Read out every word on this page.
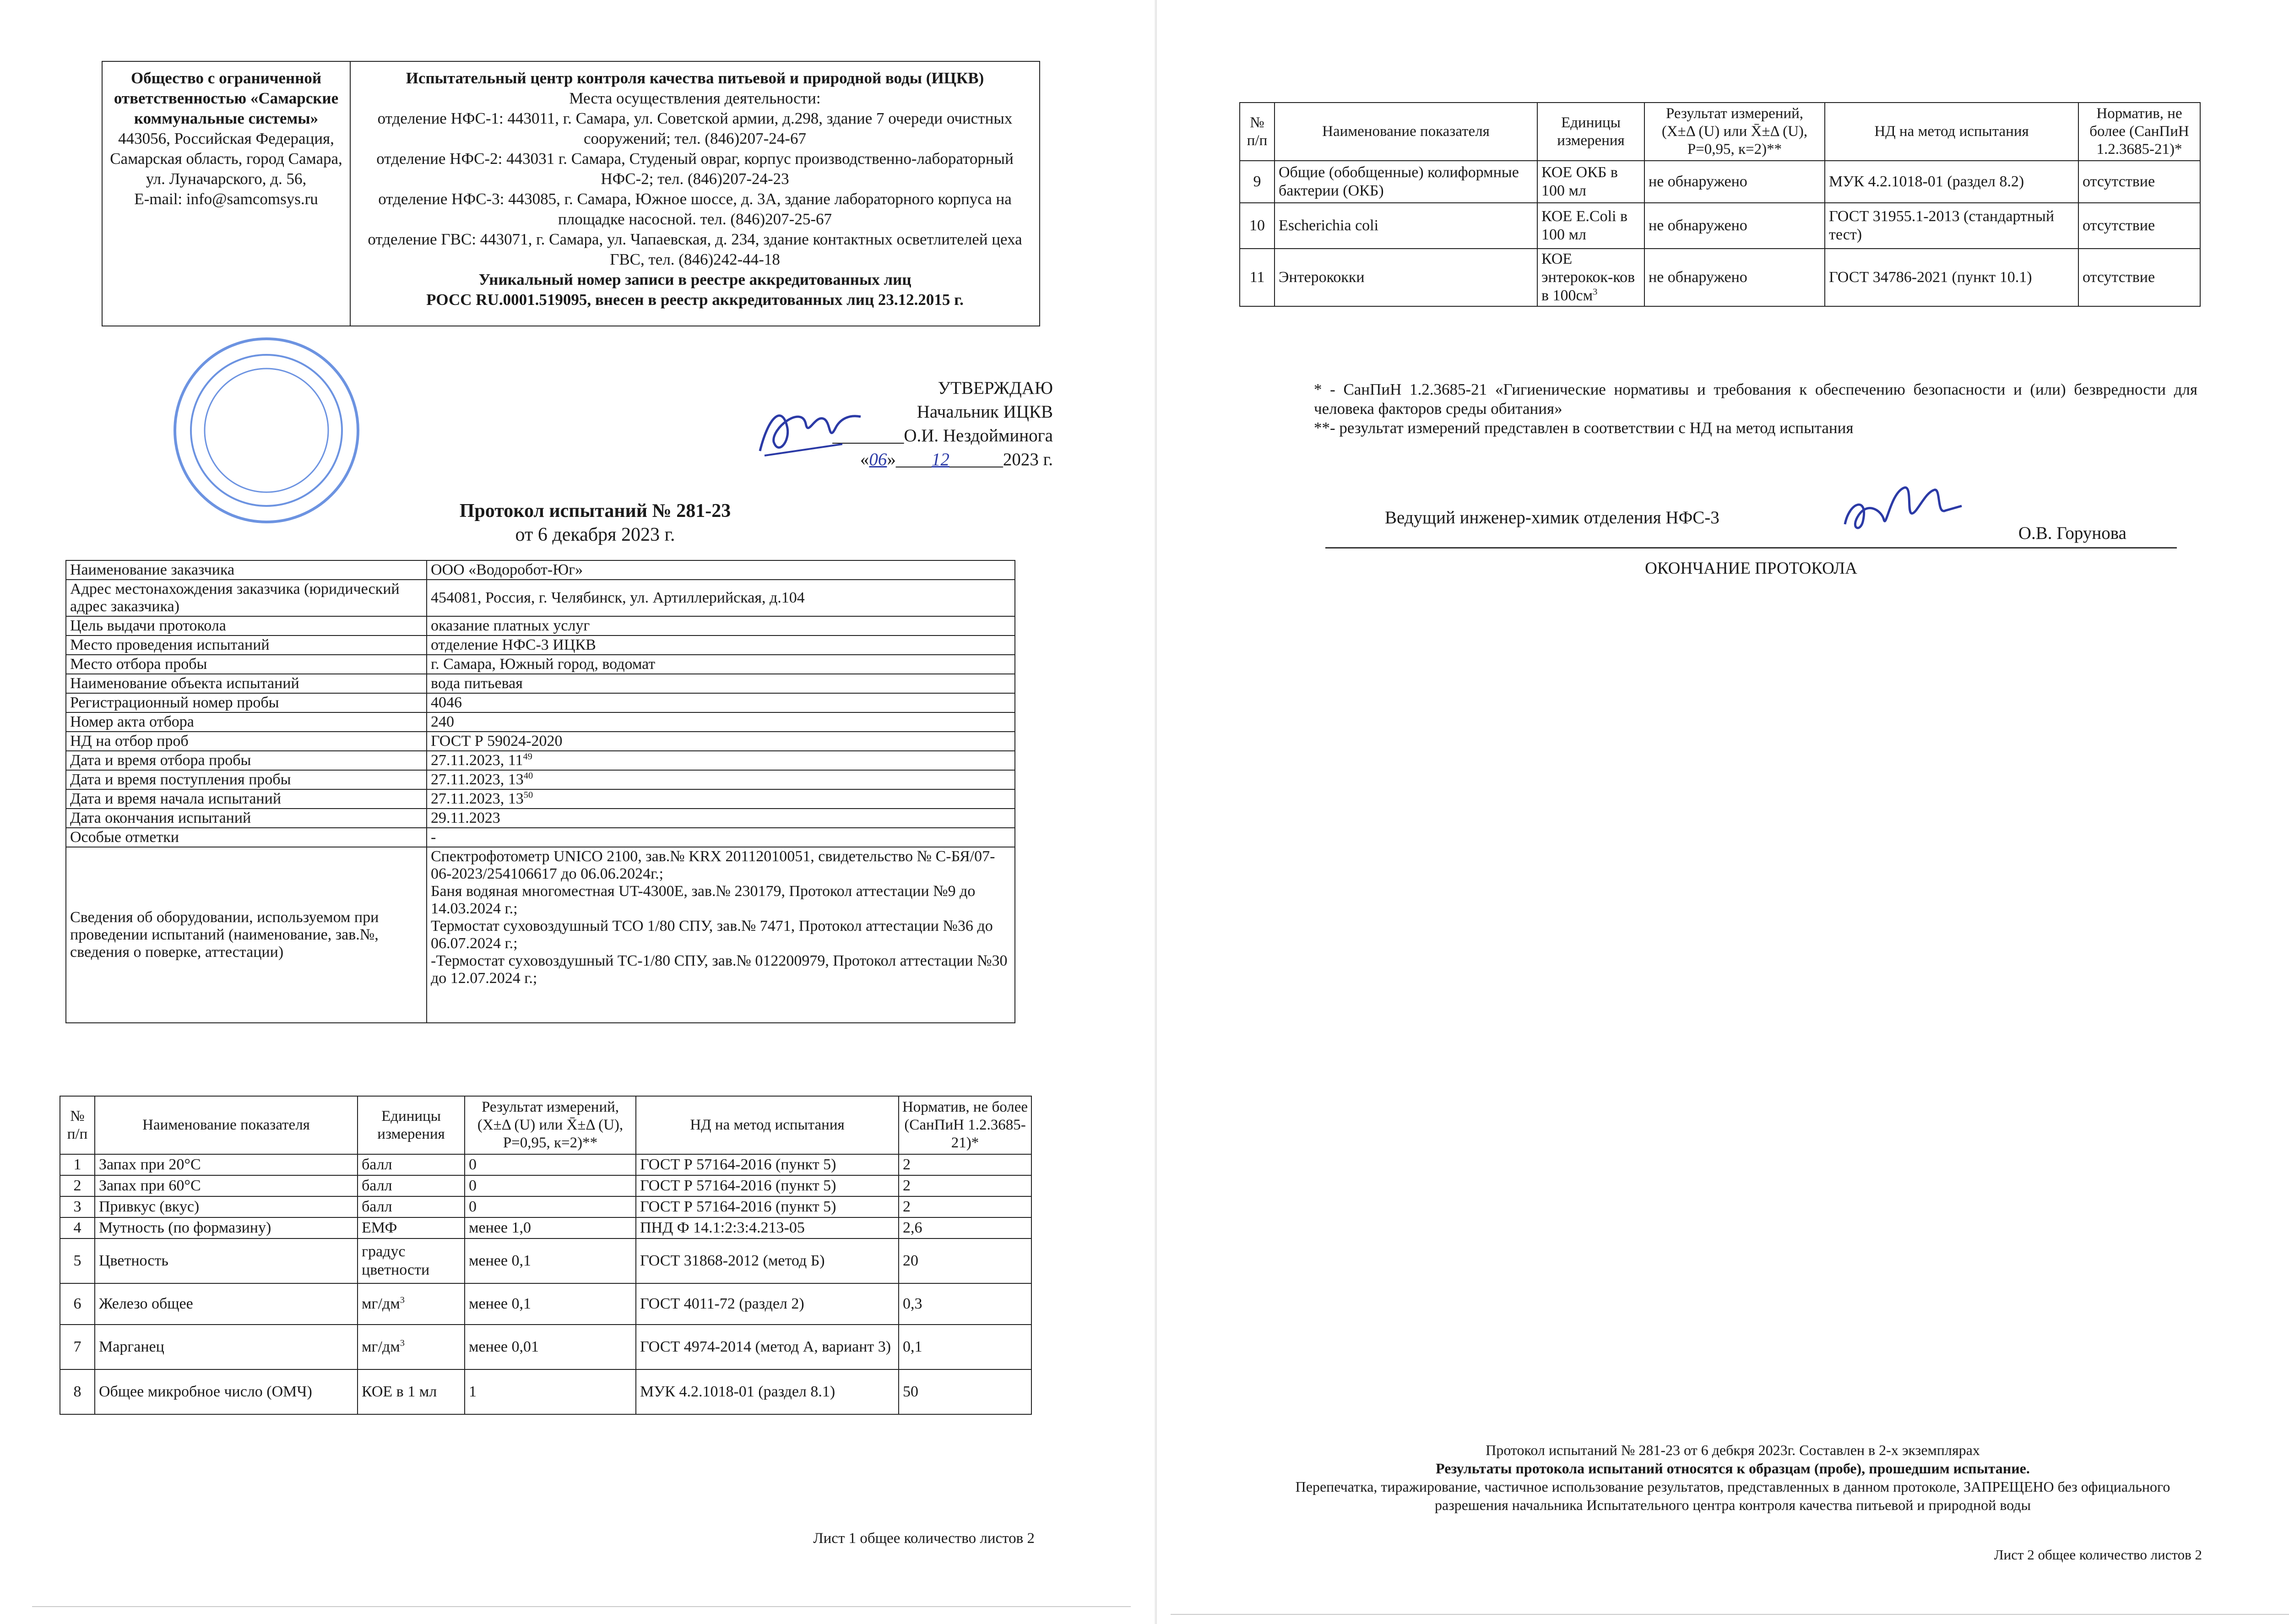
Общество с ограниченной ответственностью «Самарские коммунальные системы»
443056, Российская Федерация, Самарская область, город Самара, ул. Луначарского, д. 56,
E-mail: info@samcomsys.ru

Испытательный центр контроля качества питьевой и природной воды (ИЦКВ)
Места осуществления деятельности:
отделение НФС-1: 443011, г. Самара, ул. Советской армии, д.298, здание 7 очереди очистных сооружений; тел. (846)207-24-67
отделение НФС-2: 443031 г. Самара, Студеный овраг, корпус производственно-лабораторный НФС-2; тел. (846)207-24-23
отделение НФС-3: 443085, г. Самара, Южное шоссе, д. 3А, здание лабораторного корпуса на площадке насосной. тел. (846)207-25-67
отделение ГВС: 443071, г. Самара, ул. Чапаевская, д. 234, здание контактных осветлителей цеха ГВС, тел. (846)242-44-18
Уникальный номер записи в реестре аккредитованных лиц
РОСС RU.0001.519095, внесен в реестр аккредитованных лиц 23.12.2015 г.
УТВЕРЖДАЮ
Начальник ИЦКВ
________О.И. Нездойминога
«06»____12______2023 г.
Протокол испытаний № 281-23
от 6 декабря 2023 г.
Наименование заказчика	ООО «Водоробот-Юг»
Адрес местонахождения заказчика (юридический адрес заказчика)	454081, Россия, г. Челябинск, ул. Артиллерийская, д.104
Цель выдачи протокола	оказание платных услуг
Место проведения испытаний	отделение НФС-3 ИЦКВ
Место отбора пробы	г. Самара, Южный город, водомат
Наименование объекта испытаний	вода питьевая
Регистрационный номер пробы	4046
Номер акта отбора	240
НД на отбор проб	ГОСТ Р 59024-2020
Дата и время отбора пробы	27.11.2023, $11^{49}$
Дата и время поступления пробы	27.11.2023, $13^{40}$
Дата и время начала испытаний	27.11.2023, $13^{50}$
Дата окончания испытаний	29.11.2023
Особые отметки	-
Сведения об оборудовании, используемом при проведении испытаний (наименование, зав.№, сведения о поверке, аттестации)	Спектрофотометр UNICO 2100, зав.№ KRX 20112010051, свидетельство № С-БЯ/07-06-2023/254106617 до 06.06.2024г.;
Баня водяная многоместная UT-4300E, зав.№ 230179, Протокол аттестации №9 до 14.03.2024 г.;
Термостат суховоздушный ТСО 1/80 СПУ, зав.№ 7471, Протокол аттестации №36 до 06.07.2024 г.;
-Термостат суховоздушный ТС-1/80 СПУ, зав.№ 012200979, Протокол аттестации №30 до 12.07.2024 г.;
№ п/п	Наименование показателя	Единицы измерения	Результат измерений, (X±Δ (U) или X̄±Δ (U), P=0,95, к=2)**	НД на метод испытания	Норматив, не более (СанПиН 1.2.3685-21)*
1	Запах при 20°С	балл	0	ГОСТ Р 57164-2016 (пункт 5)	2
2	Запах при 60°С	балл	0	ГОСТ Р 57164-2016 (пункт 5)	2
3	Привкус (вкус)	балл	0	ГОСТ Р 57164-2016 (пункт 5)	2
4	Мутность (по формазину)	ЕМФ	менее 1,0	ПНД Ф 14.1:2:3:4.213-05	2,6
5	Цветность	градус цветности	менее 0,1	ГОСТ 31868-2012 (метод Б)	20
6	Железо общее	$мг/дм^3$	менее 0,1	ГОСТ 4011-72 (раздел 2)	0,3
7	Марганец	$мг/дм^3$	менее 0,01	ГОСТ 4974-2014 (метод А, вариант 3)	0,1
8	Общее микробное число (ОМЧ)	КОЕ в 1 мл	1	МУК 4.2.1018-01 (раздел 8.1)	50
Лист 1 общее количество листов 2
№ п/п	Наименование показателя	Единицы измерения	Результат измерений, (X±Δ (U) или X̄±Δ (U), P=0,95, к=2)**	НД на метод испытания	Норматив, не более (СанПиН 1.2.3685-21)*
9	Общие (обобщенные) колиформные бактерии (ОКБ)	КОЕ ОКБ в 100 мл	не обнаружено	МУК 4.2.1018-01 (раздел 8.2)	отсутствие
10	Escherichia coli	КОЕ E.Coli в 100 мл	не обнаружено	ГОСТ 31955.1-2013 (стандартный тест)	отсутствие
11	Энтерококки	КОЕ энтерокок-ков в $100см^3$	не обнаружено	ГОСТ 34786-2021 (пункт 10.1)	отсутствие
* - СанПиН 1.2.3685-21 «Гигиенические нормативы и требования к обеспечению безопасности и (или) безвредности для человека факторов среды обитания»
**- результат измерений представлен в соответствии с НД на метод испытания
Ведущий инженер-химик отделения НФС-3
О.В. Горунова
ОКОНЧАНИЕ ПРОТОКОЛА
Протокол испытаний № 281-23 от 6 дебкря 2023г. Составлен в 2-х экземплярах
Результаты протокола испытаний относятся к образцам (пробе), прошедшим испытание.
Перепечатка, тиражирование, частичное использование результатов, представленных в данном протоколе, ЗАПРЕЩЕНО без официального разрешения начальника Испытательного центра контроля качества питьевой и природной воды
Лист 2 общее количество листов 2
